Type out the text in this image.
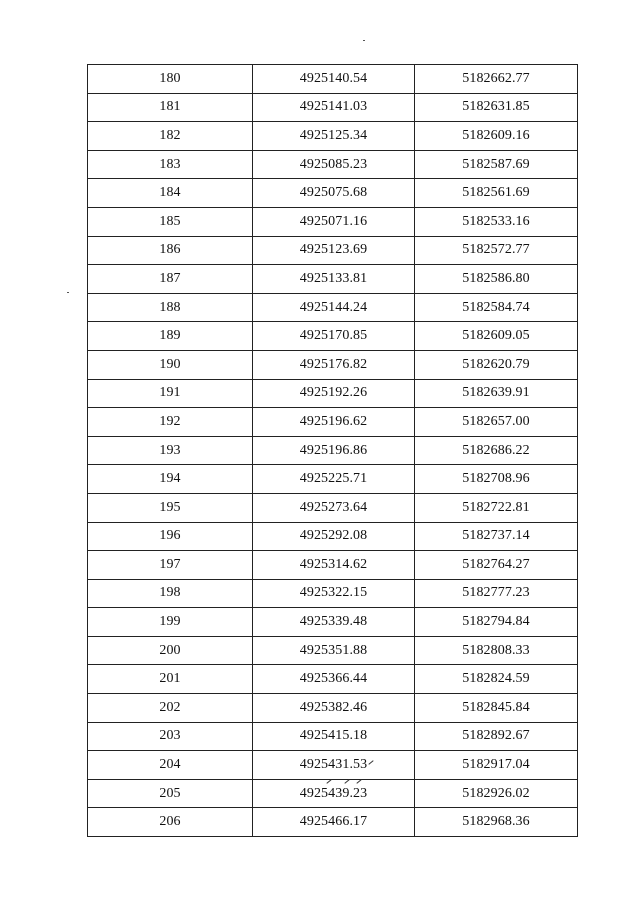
180	4925140.54	5182662.77
181	4925141.03	5182631.85
182	4925125.34	5182609.16
183	4925085.23	5182587.69
184	4925075.68	5182561.69
185	4925071.16	5182533.16
186	4925123.69	5182572.77
187	4925133.81	5182586.80
188	4925144.24	5182584.74
189	4925170.85	5182609.05
190	4925176.82	5182620.79
191	4925192.26	5182639.91
192	4925196.62	5182657.00
193	4925196.86	5182686.22
194	4925225.71	5182708.96
195	4925273.64	5182722.81
196	4925292.08	5182737.14
197	4925314.62	5182764.27
198	4925322.15	5182777.23
199	4925339.48	5182794.84
200	4925351.88	5182808.33
201	4925366.44	5182824.59
202	4925382.46	5182845.84
203	4925415.18	5182892.67
204	4925431.53	5182917.04
205	4925439.23	5182926.02
206	4925466.17	5182968.36
